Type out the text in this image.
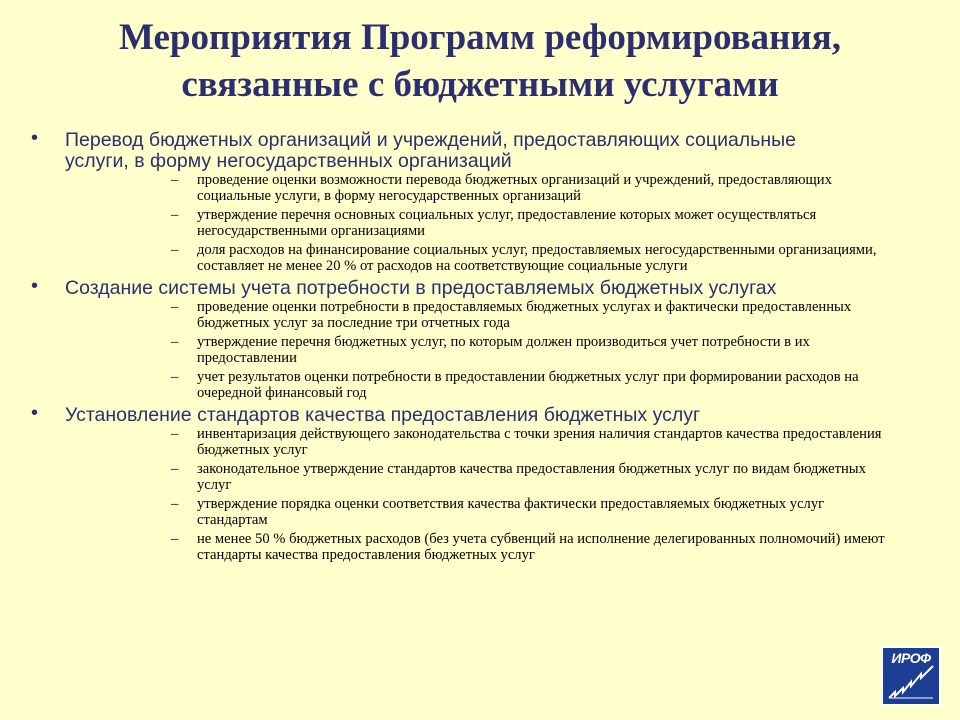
Мероприятия Программ реформирования,
связанные с бюджетными услугами
• Перевод бюджетных организаций и учреждений, предоставляющих социальные услуги, в форму негосударственных организаций
– проведение оценки возможности перевода бюджетных организаций и учреждений, предоставляющих социальные услуги, в форму негосударственных организаций
– утверждение перечня основных социальных услуг, предоставление которых может осуществляться негосударственными организациями
– доля расходов на финансирование социальных услуг, предоставляемых негосударственными организациями, составляет не менее 20 % от расходов на соответствующие социальные услуги
• Создание системы учета потребности в предоставляемых бюджетных услугах
– проведение оценки потребности в предоставляемых бюджетных услугах и фактически предоставленных бюджетных услуг за последние три отчетных года
– утверждение перечня бюджетных услуг, по которым должен производиться учет потребности в их предоставлении
– учет результатов оценки потребности в предоставлении бюджетных услуг при формировании расходов на очередной финансовый год
• Установление стандартов качества предоставления бюджетных услуг
– инвентаризация действующего законодательства с точки зрения наличия стандартов качества предоставления бюджетных услуг
– законодательное утверждение стандартов качества предоставления бюджетных услуг по видам бюджетных услуг
– утверждение порядка оценки соответствия качества фактически предоставляемых бюджетных услуг стандартам
– не менее 50 % бюджетных расходов (без учета субвенций на исполнение делегированных полномочий) имеют стандарты качества предоставления бюджетных услуг
ИРОФ
